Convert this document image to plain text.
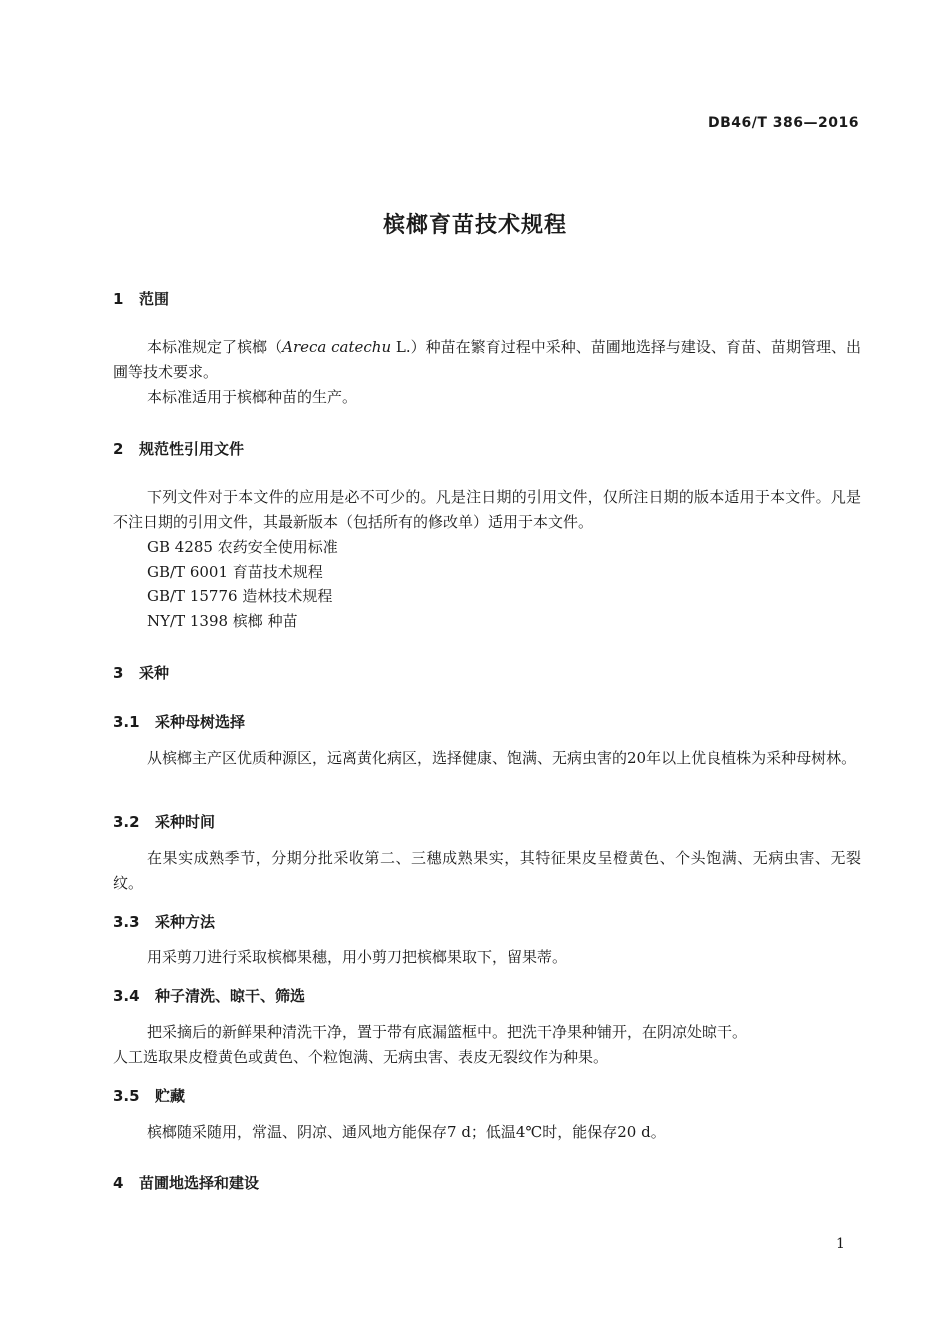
DB46/T 386—2016
槟榔育苗技术规程
1 范围
本标准规定了槟榔（Areca catechu L.）种苗在繁育过程中采种、苗圃地选择与建设、育苗、苗期管理、出圃等技术要求。
本标准适用于槟榔种苗的生产。
2 规范性引用文件
下列文件对于本文件的应用是必不可少的。凡是注日期的引用文件，仅所注日期的版本适用于本文件。凡是不注日期的引用文件，其最新版本（包括所有的修改单）适用于本文件。
GB 4285 农药安全使用标准
GB/T 6001 育苗技术规程
GB/T 15776 造林技术规程
NY/T 1398 槟榔 种苗
3 采种
3.1 采种母树选择
从槟榔主产区优质种源区，远离黄化病区，选择健康、饱满、无病虫害的20年以上优良植株为采种母树林。
3.2 采种时间
在果实成熟季节，分期分批采收第二、三穗成熟果实，其特征果皮呈橙黄色、个头饱满、无病虫害、无裂纹。
3.3 采种方法
用采剪刀进行采取槟榔果穗，用小剪刀把槟榔果取下，留果蒂。
3.4 种子清洗、晾干、筛选
把采摘后的新鲜果种清洗干净，置于带有底漏篮框中。把洗干净果种铺开，在阴凉处晾干。
人工选取果皮橙黄色或黄色、个粒饱满、无病虫害、表皮无裂纹作为种果。
3.5 贮藏
槟榔随采随用，常温、阴凉、通风地方能保存7 d；低温4℃时，能保存20 d。
4 苗圃地选择和建设
1
